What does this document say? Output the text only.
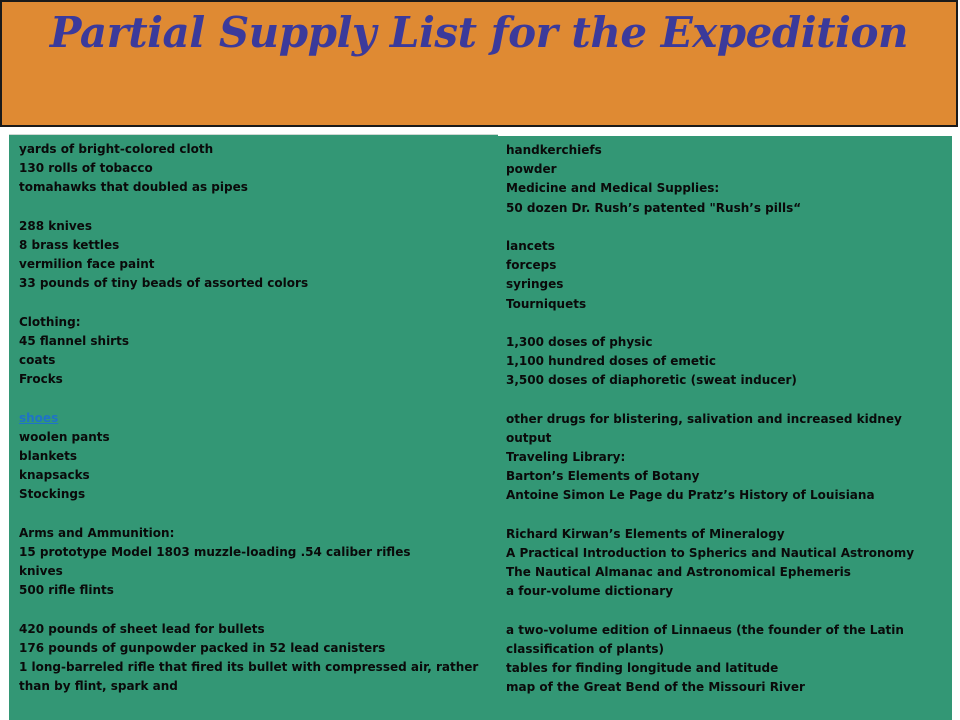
Partial Supply List for the Expedition
yards of bright-colored cloth
130 rolls of tobacco
tomahawks that doubled as pipes
288 knives
8 brass kettles
vermilion face paint
33 pounds of tiny beads of assorted colors
Clothing:
45 flannel shirts
coats
Frocks
shoes
woolen pants
blankets
knapsacks
Stockings
Arms and Ammunition:
15 prototype Model 1803 muzzle-loading .54 caliber rifles
knives
500 rifle flints
420 pounds of sheet lead for bullets
176 pounds of gunpowder packed in 52 lead canisters
1 long-barreled rifle that fired its bullet with compressed air, rather than by flint, spark and
handkerchiefs
powder
Medicine and Medical Supplies:
50 dozen Dr. Rush’s patented "Rush’s pills“
lancets
forceps
syringes
Tourniquets
1,300 doses of physic
1,100 hundred doses of emetic
3,500 doses of diaphoretic (sweat inducer)
other drugs for blistering, salivation and increased kidney output
Traveling Library:
Barton’s Elements of Botany
Antoine Simon Le Page du Pratz’s History of Louisiana
Richard Kirwan’s Elements of Mineralogy
A Practical Introduction to Spherics and Nautical Astronomy
The Nautical Almanac and Astronomical Ephemeris
a four-volume dictionary
a two-volume edition of Linnaeus (the founder of the Latin classification of plants)
tables for finding longitude and latitude
map of the Great Bend of the Missouri River
